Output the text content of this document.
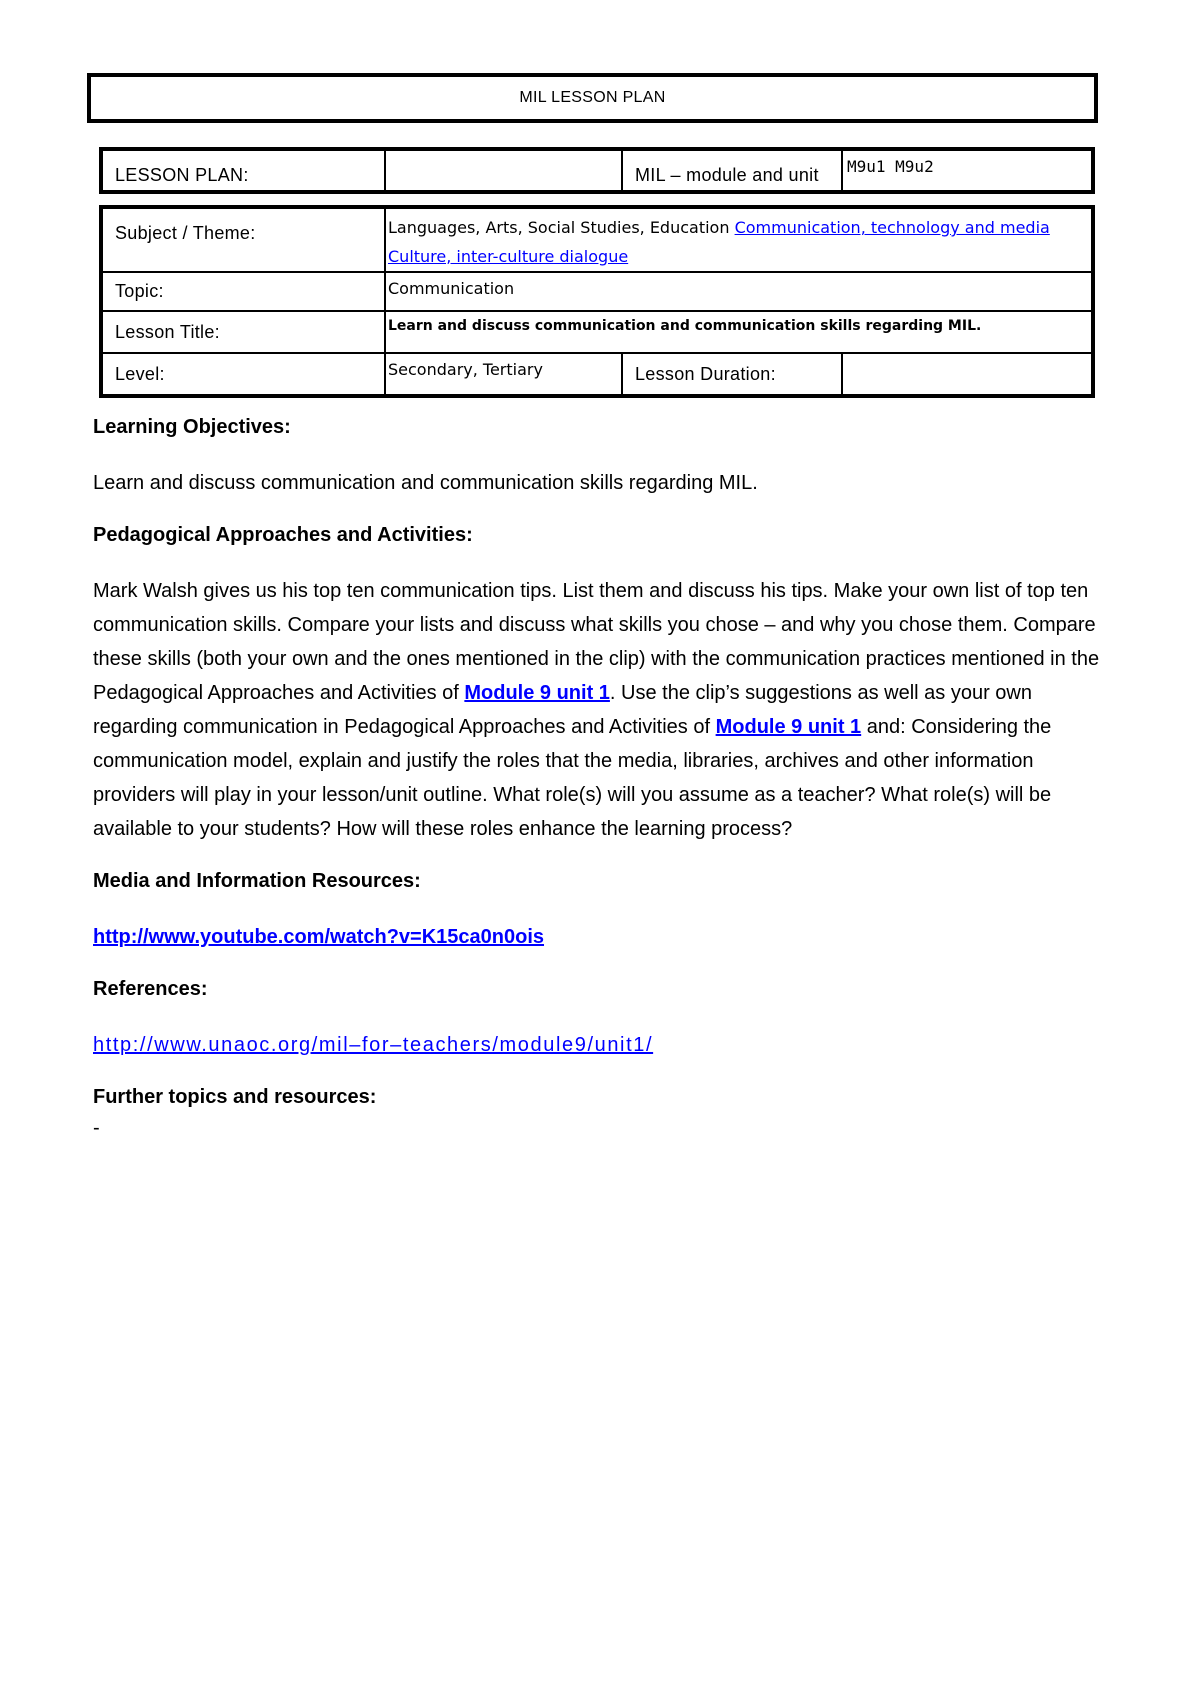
MIL LESSON PLAN
LESSON PLAN:		MIL – module and unit	M9u1 M9u2
Subject / Theme:	Languages, Arts, Social Studies, Education Communication, technology and media Culture, inter-culture dialogue		
Topic:	Communication		
Lesson Title:	Learn and discuss communication and communication skills regarding MIL.		
Level:	Secondary, Tertiary	Lesson Duration:	

Learning Objectives:

Learn and discuss communication and communication skills regarding MIL.

Pedagogical Approaches and Activities:

Mark Walsh gives us his top ten communication tips. List them and discuss his tips. Make your own list of top ten communication skills. Compare your lists and discuss what skills you chose – and why you chose them. Compare these skills (both your own and the ones mentioned in the clip) with the communication practices mentioned in the Pedagogical Approaches and Activities of Module 9 unit 1. Use the clip’s suggestions as well as your own regarding communication in Pedagogical Approaches and Activities of Module 9 unit 1 and: Considering the communication model, explain and justify the roles that the media, libraries, archives and other information providers will play in your lesson/unit outline. What role(s) will you assume as a teacher? What role(s) will be available to your students? How will these roles enhance the learning process?

Media and Information Resources:

http://www.youtube.com/watch?v=K15ca0n0ois

References:

http://www.unaoc.org/mil–for–teachers/module9/unit1/

Further topics and resources:

-
